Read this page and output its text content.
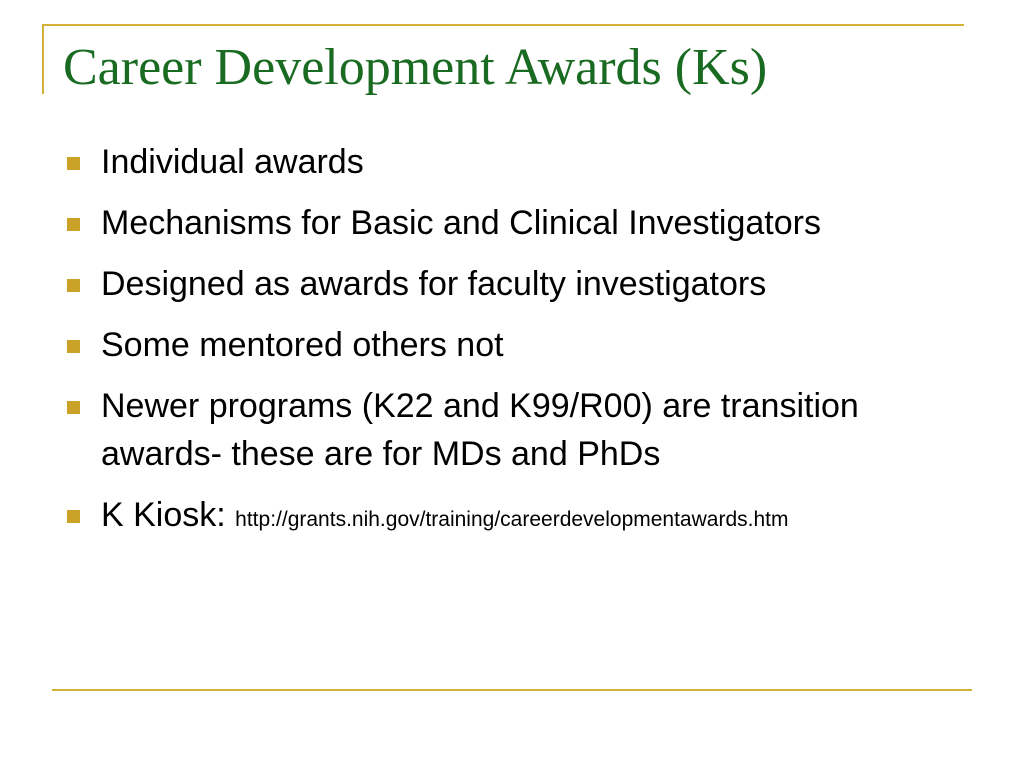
Career Development Awards (Ks)
Individual awards
Mechanisms for Basic and Clinical Investigators
Designed as awards for faculty investigators
Some mentored others not
Newer programs (K22 and K99/R00) are transition awards- these are for MDs and PhDs
K Kiosk: http://grants.nih.gov/training/careerdevelopmentawards.htm
